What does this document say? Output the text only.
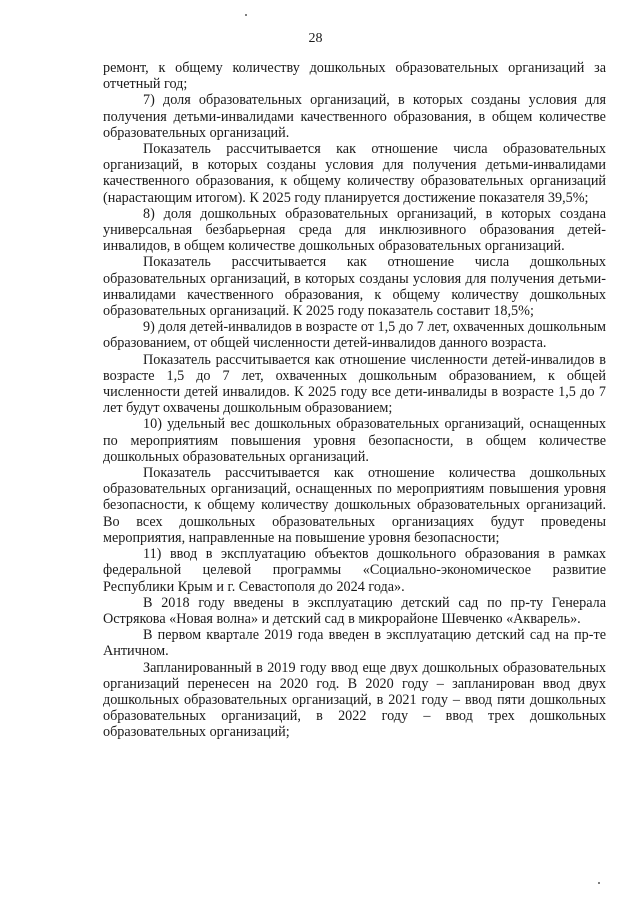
28

ремонт, к общему количеству дошкольных образовательных организаций за отчетный год;

7) доля образовательных организаций, в которых созданы условия для получения детьми-инвалидами качественного образования, в общем количестве образовательных организаций.

Показатель рассчитывается как отношение числа образовательных организаций, в которых созданы условия для получения детьми-инвалидами качественного образования, к общему количеству образовательных организаций (нарастающим итогом). К 2025 году планируется достижение показателя 39,5%;

8) доля дошкольных образовательных организаций, в которых создана универсальная безбарьерная среда для инклюзивного образования детей-инвалидов, в общем количестве дошкольных образовательных организаций.

Показатель рассчитывается как отношение числа дошкольных образовательных организаций, в которых созданы условия для получения детьми-инвалидами качественного образования, к общему количеству дошкольных образовательных организаций. К 2025 году показатель составит 18,5%;

9) доля детей-инвалидов в возрасте от 1,5 до 7 лет, охваченных дошкольным образованием, от общей численности детей-инвалидов данного возраста.

Показатель рассчитывается как отношение численности детей-инвалидов в возрасте 1,5 до 7 лет, охваченных дошкольным образованием, к общей численности детей инвалидов. К 2025 году все дети-инвалиды в возрасте 1,5 до 7 лет будут охвачены дошкольным образованием;

10) удельный вес дошкольных образовательных организаций, оснащенных по мероприятиям повышения уровня безопасности, в общем количестве дошкольных образовательных организаций.

Показатель рассчитывается как отношение количества дошкольных образовательных организаций, оснащенных по мероприятиям повышения уровня безопасности, к общему количеству дошкольных образовательных организаций. Во всех дошкольных образовательных организациях будут проведены мероприятия, направленные на повышение уровня безопасности;

11) ввод в эксплуатацию объектов дошкольного образования в рамках федеральной целевой программы «Социально-экономическое развитие Республики Крым и г. Севастополя до 2024 года».

В 2018 году введены в эксплуатацию детский сад по пр-ту Генерала Острякова «Новая волна» и детский сад в микрорайоне Шевченко «Акварель».

В первом квартале 2019 года введен в эксплуатацию детский сад на пр-те Античном.

Запланированный в 2019 году ввод еще двух дошкольных образовательных организаций перенесен на 2020 год. В 2020 году – запланирован ввод двух дошкольных образовательных организаций, в 2021 году – ввод пяти дошкольных образовательных организаций, в 2022 году – ввод трех дошкольных образовательных организаций;
